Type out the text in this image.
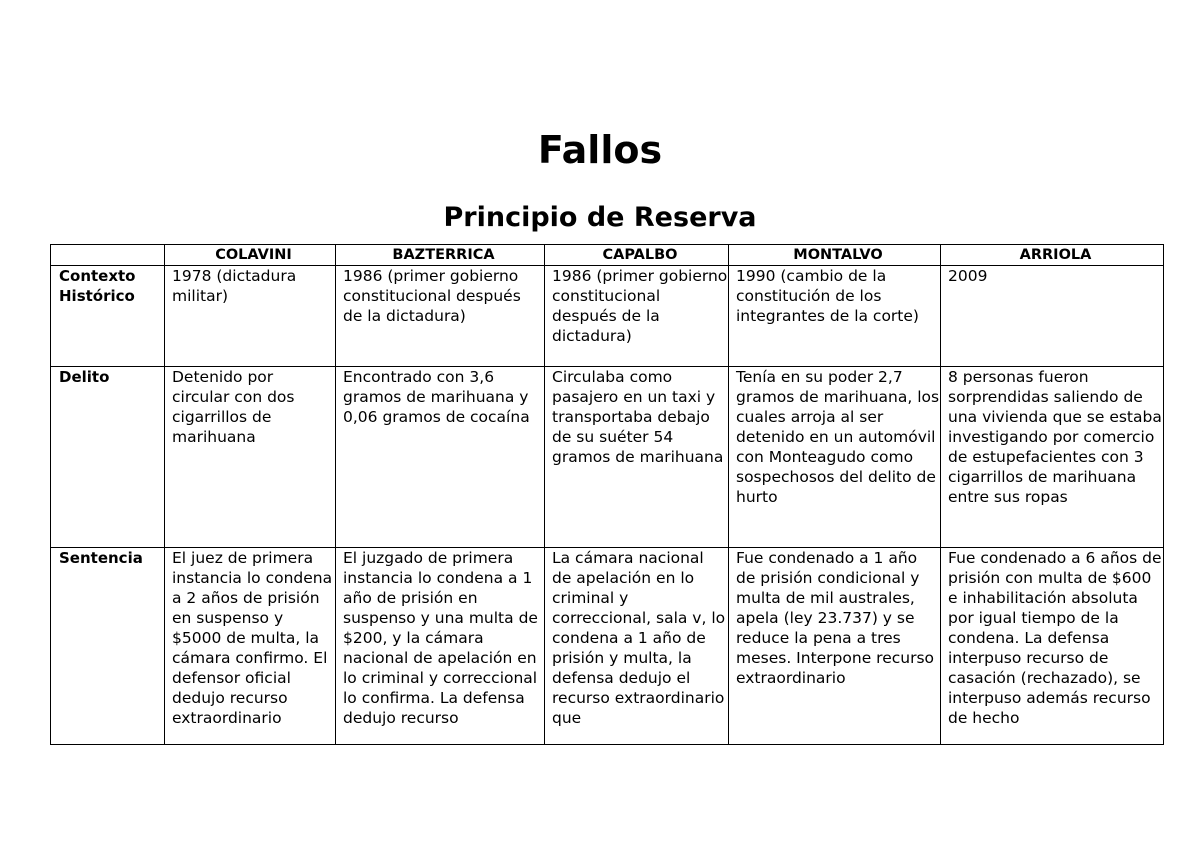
Fallos
Principio de Reserva
	COLAVINI	BAZTERRICA	CAPALBO	MONTALVO	ARRIOLA
Contexto Histórico	1978 (dictadura militar)	1986 (primer gobierno constitucional después de la dictadura)	1986 (primer gobierno constitucional después de la dictadura)	1990 (cambio de la constitución de los integrantes de la corte)	2009
Delito	Detenido por circular con dos cigarrillos de marihuana	Encontrado con 3,6 gramos de marihuana y 0,06 gramos de cocaína	Circulaba como pasajero en un taxi y transportaba debajo de su suéter 54 gramos de marihuana	Tenía en su poder 2,7 gramos de marihuana, los cuales arroja al ser detenido en un automóvil con Monteagudo como sospechosos del delito de hurto	8 personas fueron sorprendidas saliendo de una vivienda que se estaba investigando por comercio de estupefacientes con 3 cigarrillos de marihuana entre sus ropas
Sentencia	El juez de primera instancia lo condena a 2 años de prisión en suspenso y $5000 de multa, la cámara confirmo. El defensor oficial dedujo recurso extraordinario	El juzgado de primera instancia lo condena a 1 año de prisión en suspenso y una multa de $200, y la cámara nacional de apelación en lo criminal y correccional lo confirma. La defensa dedujo recurso	La cámara nacional de apelación en lo criminal y correccional, sala v, lo condena a 1 año de prisión y multa, la defensa dedujo el recurso extraordinario que	Fue condenado a 1 año de prisión condicional y multa de mil australes, apela (ley 23.737) y se reduce la pena a tres meses. Interpone recurso extraordinario	Fue condenado a 6 años de prisión con multa de $600 e inhabilitación absoluta por igual tiempo de la condena. La defensa interpuso recurso de casación (rechazado), se interpuso además recurso de hecho
